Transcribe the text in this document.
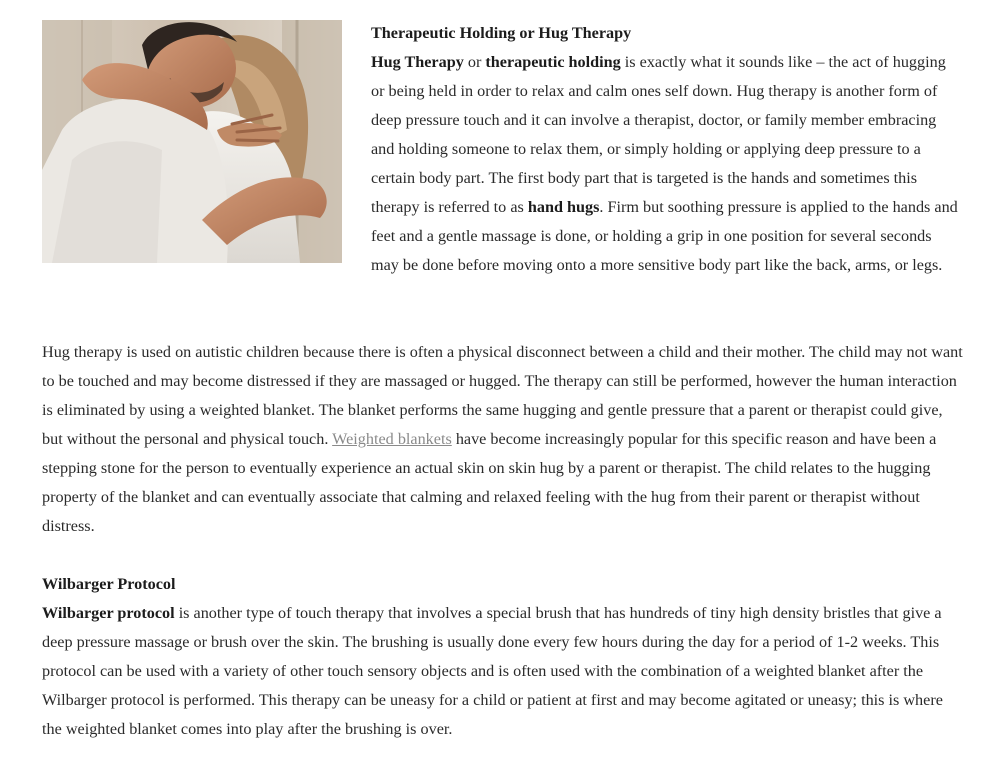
Therapeutic Holding or Hug Therapy

Hug Therapy or therapeutic holding is exactly what it sounds like – the act of hugging or being held in order to relax and calm ones self down. Hug therapy is another form of deep pressure touch and it can involve a therapist, doctor, or family member embracing and holding someone to relax them, or simply holding or applying deep pressure to a certain body part. The first body part that is targeted is the hands and sometimes this therapy is referred to as hand hugs. Firm but soothing pressure is applied to the hands and feet and a gentle massage is done, or holding a grip in one position for several seconds may be done before moving onto a more sensitive body part like the back, arms, or legs.

Hug therapy is used on autistic children because there is often a physical disconnect between a child and their mother. The child may not want to be touched and may become distressed if they are massaged or hugged. The therapy can still be performed, however the human interaction is eliminated by using a weighted blanket. The blanket performs the same hugging and gentle pressure that a parent or therapist could give, but without the personal and physical touch. Weighted blankets have become increasingly popular for this specific reason and have been a stepping stone for the person to eventually experience an actual skin on skin hug by a parent or therapist. The child relates to the hugging property of the blanket and can eventually associate that calming and relaxed feeling with the hug from their parent or therapist without distress.

Wilbarger Protocol

Wilbarger protocol is another type of touch therapy that involves a special brush that has hundreds of tiny high density bristles that give a deep pressure massage or brush over the skin. The brushing is usually done every few hours during the day for a period of 1-2 weeks. This protocol can be used with a variety of other touch sensory objects and is often used with the combination of a weighted blanket after the Wilbarger protocol is performed. This therapy can be uneasy for a child or patient at first and may become agitated or uneasy; this is where the weighted blanket comes into play after the brushing is over.
